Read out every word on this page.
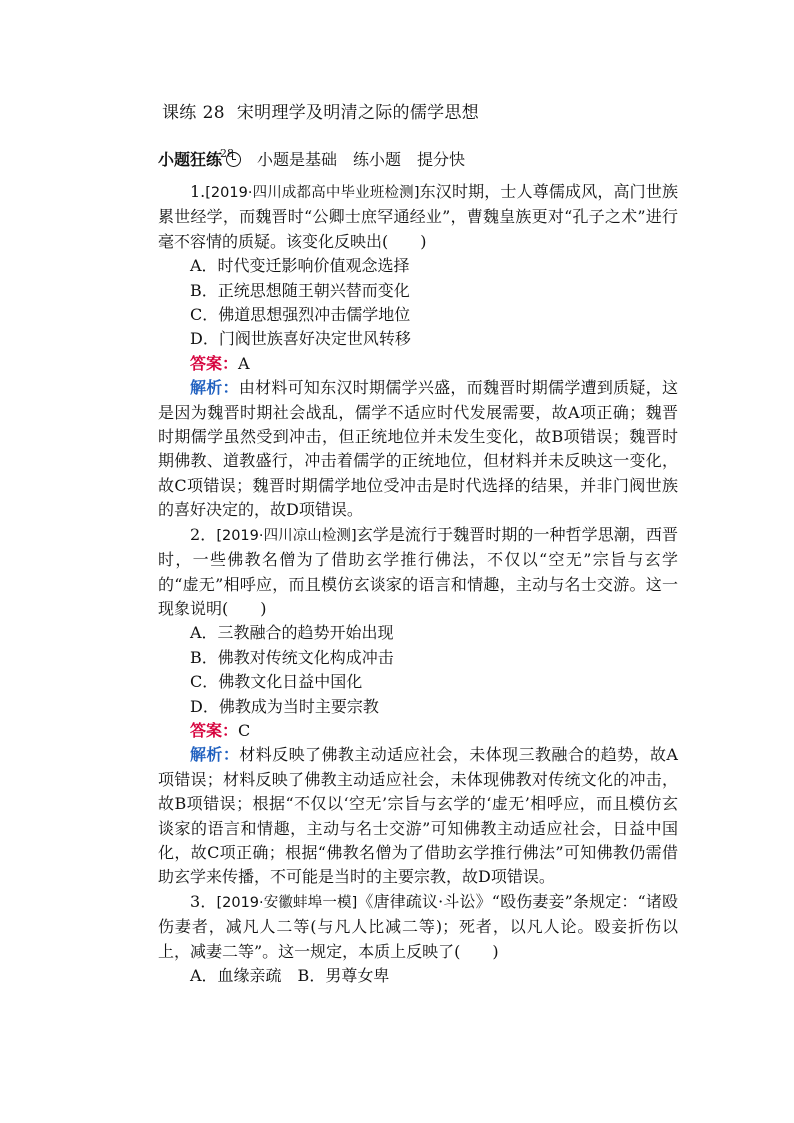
课练 28 宋明理学及明清之际的儒学思想
小题狂练$^{28}$ 小题是基础　练小题　提分快

1.[2019·四川成都高中毕业班检测]东汉时期，士人尊儒成风，高门世族累世经学，而魏晋时“公卿士庶罕通经业”，曹魏皇族更对“孔子之术”进行毫不容情的质疑。该变化反映出(　　)

A．时代变迁影响价值观念选择

B．正统思想随王朝兴替而变化

C．佛道思想强烈冲击儒学地位

D．门阀世族喜好决定世风转移

答案：A

解析：由材料可知东汉时期儒学兴盛，而魏晋时期儒学遭到质疑，这是因为魏晋时期社会战乱，儒学不适应时代发展需要，故A项正确；魏晋时期儒学虽然受到冲击，但正统地位并未发生变化，故B项错误；魏晋时期佛教、道教盛行，冲击着儒学的正统地位，但材料并未反映这一变化，故C项错误；魏晋时期儒学地位受冲击是时代选择的结果，并非门阀世族的喜好决定的，故D项错误。

2．[2019·四川凉山检测]玄学是流行于魏晋时期的一种哲学思潮，西晋时，一些佛教名僧为了借助玄学推行佛法，不仅以“空无”宗旨与玄学的“虚无”相呼应，而且模仿玄谈家的语言和情趣，主动与名士交游。这一现象说明(　　)

A．三教融合的趋势开始出现

B．佛教对传统文化构成冲击

C．佛教文化日益中国化

D．佛教成为当时主要宗教

答案：C

解析：材料反映了佛教主动适应社会，未体现三教融合的趋势，故A项错误；材料反映了佛教主动适应社会，未体现佛教对传统文化的冲击，故B项错误；根据“不仅以‘空无’宗旨与玄学的‘虚无’相呼应，而且模仿玄谈家的语言和情趣，主动与名士交游”可知佛教主动适应社会，日益中国化，故C项正确；根据“佛教名僧为了借助玄学推行佛法”可知佛教仍需借助玄学来传播，不可能是当时的主要宗教，故D项错误。

3．[2019·安徽蚌埠一模]《唐律疏议·斗讼》“殴伤妻妾”条规定：“诸殴伤妻者，减凡人二等(与凡人比减二等)；死者，以凡人论。殴妾折伤以上，减妻二等”。这一规定，本质上反映了(　　)

A．血缘亲疏　B．男尊女卑
